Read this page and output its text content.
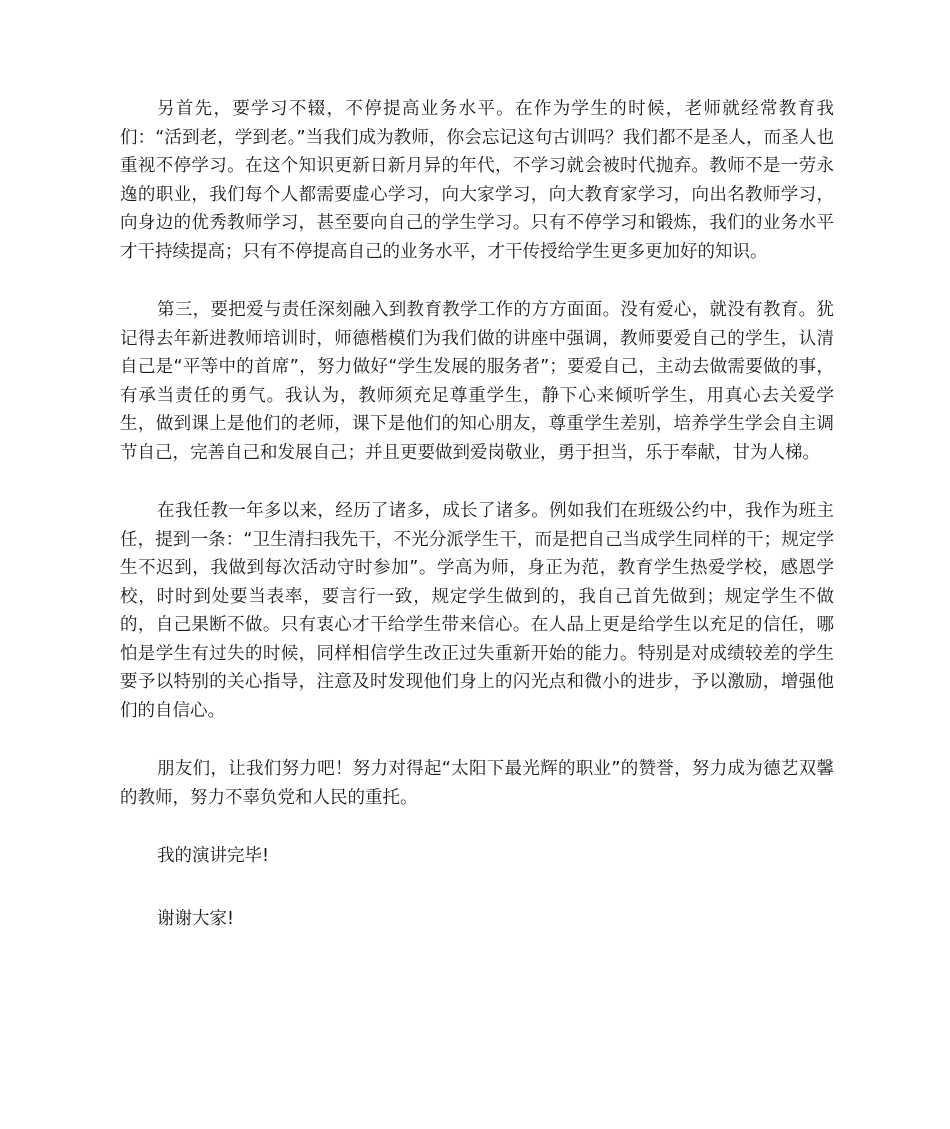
另首先，要学习不辍，不停提高业务水平。在作为学生的时候，老师就经常教育我们：“活到老，学到老。”当我们成为教师，你会忘记这句古训吗？我们都不是圣人，而圣人也重视不停学习。在这个知识更新日新月异的年代，不学习就会被时代抛弃。教师不是一劳永逸的职业，我们每个人都需要虚心学习，向大家学习，向大教育家学习，向出名教师学习，向身边的优秀教师学习，甚至要向自己的学生学习。只有不停学习和锻炼，我们的业务水平才干持续提高；只有不停提高自己的业务水平，才干传授给学生更多更加好的知识。

第三，要把爱与责任深刻融入到教育教学工作的方方面面。没有爱心，就没有教育。犹记得去年新进教师培训时，师德楷模们为我们做的讲座中强调，教师要爱自己的学生，认清自己是“平等中的首席”，努力做好“学生发展的服务者”；要爱自己，主动去做需要做的事，有承当责任的勇气。我认为，教师须充足尊重学生，静下心来倾听学生，用真心去关爱学生，做到课上是他们的老师，课下是他们的知心朋友，尊重学生差别，培养学生学会自主调节自己，完善自己和发展自己；并且更要做到爱岗敬业，勇于担当，乐于奉献，甘为人梯。

在我任教一年多以来，经历了诸多，成长了诸多。例如我们在班级公约中，我作为班主任，提到一条：“卫生清扫我先干，不光分派学生干，而是把自己当成学生同样的干；规定学生不迟到，我做到每次活动守时参加”。学高为师，身正为范，教育学生热爱学校，感恩学校，时时到处要当表率，要言行一致，规定学生做到的，我自己首先做到；规定学生不做的，自己果断不做。只有衷心才干给学生带来信心。在人品上更是给学生以充足的信任，哪怕是学生有过失的时候，同样相信学生改正过失重新开始的能力。特别是对成绩较差的学生要予以特别的关心指导，注意及时发现他们身上的闪光点和微小的进步，予以激励，增强他们的自信心。

朋友们，让我们努力吧！努力对得起“太阳下最光辉的职业”的赞誉，努力成为德艺双馨的教师，努力不辜负党和人民的重托。

我的演讲完毕!

谢谢大家!
